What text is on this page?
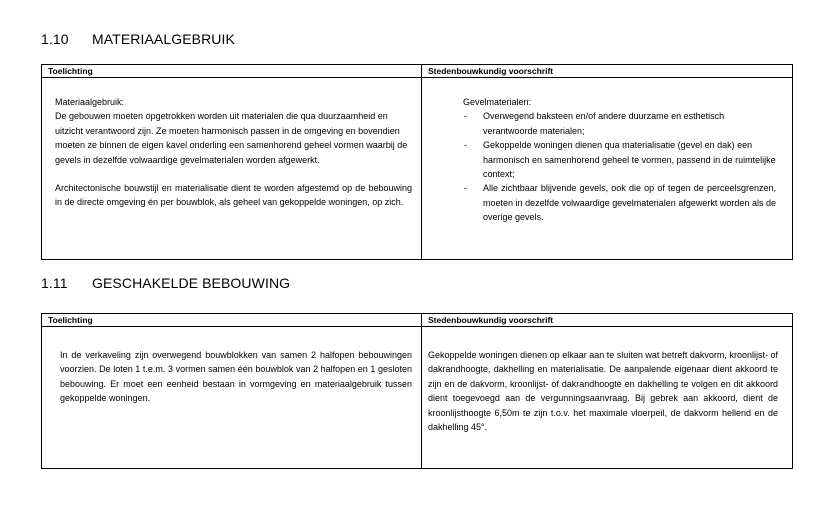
1.10 MATERIAALGEBRUIK
Toelichting	Stedenbouwkundig voorschrift

Materiaalgebruik:

De gebouwen moeten opgetrokken worden uit materialen die qua duurzaamheid en uitzicht verantwoord zijn. Ze moeten harmonisch passen in de omgeving en bovendien moeten ze binnen de eigen kavel onderling een samenhorend geheel vormen waarbij de gevels in dezelfde volwaardige gevelmaterialen worden afgewerkt.

Architectonische bouwstijl en materialisatie dient te worden afgestemd op de bebouwing in de directe omgeving én per bouwblok, als geheel van gekoppelde woningen, op zich.

Gevelmaterialen:

- Overwegend baksteen en/of andere duurzame en esthetisch verantwoorde materialen;
- Gekoppelde woningen dienen qua materialisatie (gevel en dak) een harmonisch en samenhorend geheel te vormen, passend in de ruimtelijke context;
- Alle zichtbaar blijvende gevels, ook die op of tegen de perceelsgrenzen, moeten in dezelfde volwaardige gevelmaterialen afgewerkt worden als de overige gevels.
1.11 GESCHAKELDE BEBOUWING
Toelichting	Stedenbouwkundig voorschrift

In de verkaveling zijn overwegend bouwblokken van samen 2 halfopen bebouwingen voorzien. De loten 1 t.e.m. 3 vormen samen één bouwblok van 2 halfopen en 1 gesloten bebouwing. Er moet een eenheid bestaan in vormgeving en materiaalgebruik tussen gekoppelde woningen.

Gekoppelde woningen dienen op elkaar aan te sluiten wat betreft dakvorm, kroonlijst- of dakrandhoogte, dakhelling en materialisatie. De aanpalende eigenaar dient akkoord te zijn en de dakvorm, kroonlijst- of dakrandhoogte en dakhelling te volgen en dit akkoord dient toegevoegd aan de vergunningsaanvraag. Bij gebrek aan akkoord, dient de kroonlijsthoogte 6,50m te zijn t.o.v. het maximale vloerpeil, de dakvorm hellend en de dakhelling 45°.
